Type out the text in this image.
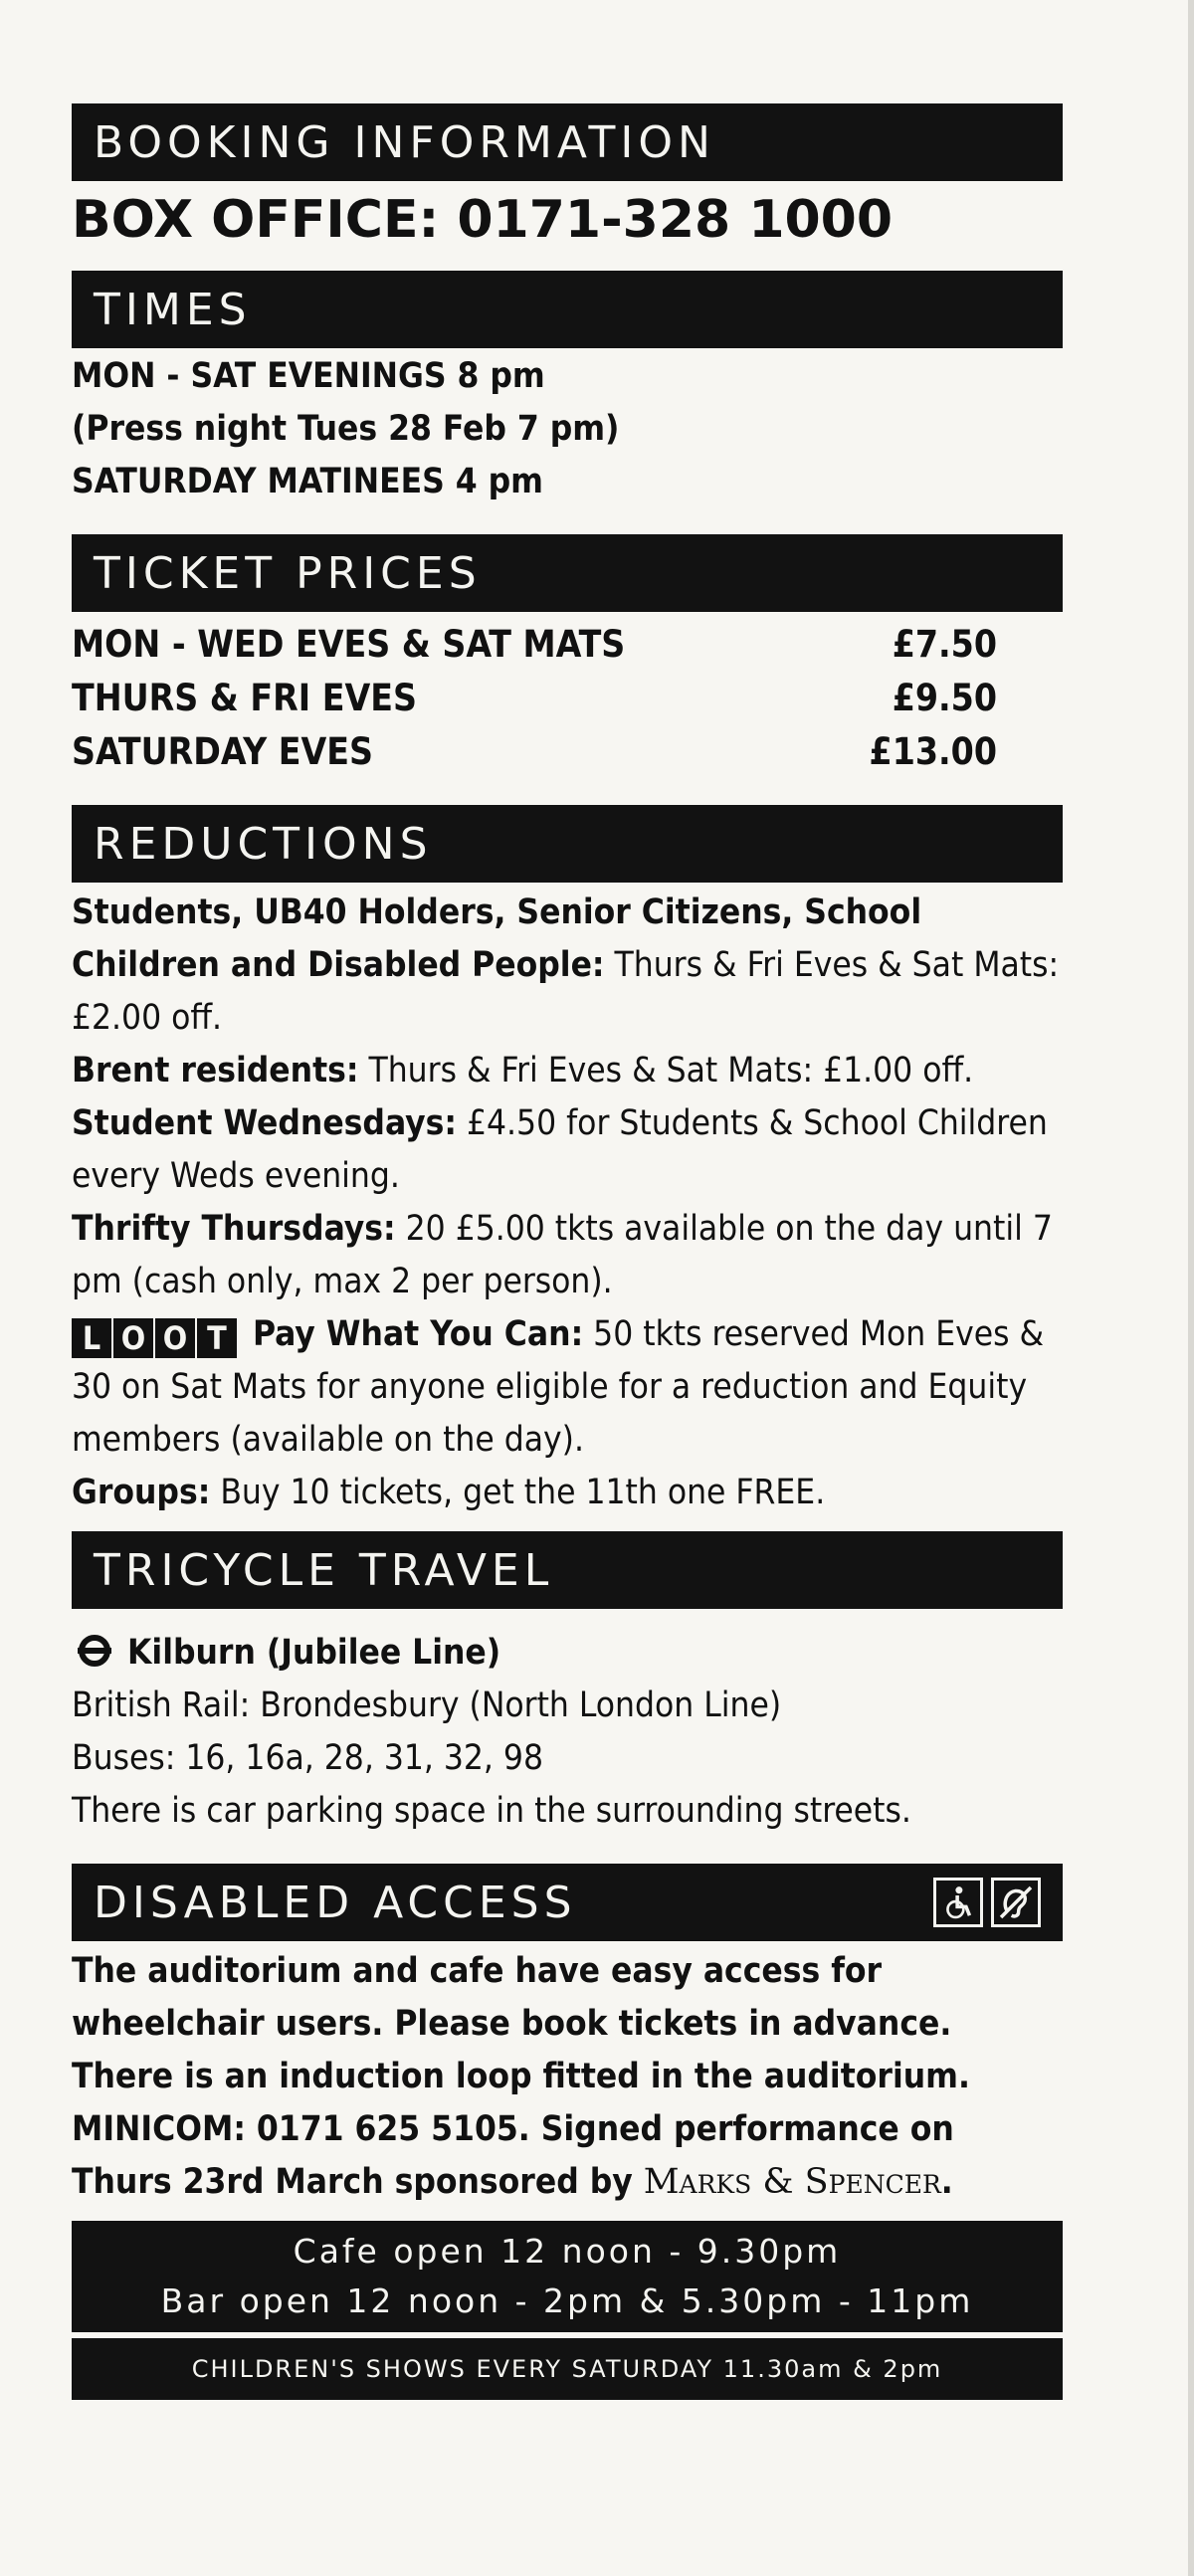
BOOKING INFORMATION

BOX OFFICE: 0171-328 1000

TIMES

MON - SAT EVENINGS 8 pm

(Press night Tues 28 Feb 7 pm)

SATURDAY MATINEES 4 pm

TICKET PRICES
MON - WED EVES & SAT MATS	£7.50
THURS & FRI EVES	£9.50
SATURDAY EVES	£13.00
REDUCTIONS

Students, UB40 Holders, Senior Citizens, School Children and Disabled People: Thurs & Fri Eves & Sat Mats: £2.00 off.

Brent residents: Thurs & Fri Eves & Sat Mats: £1.00 off.

Student Wednesdays: £4.50 for Students & School Children every Weds evening.

Thrifty Thursdays: 20 £5.00 tkts available on the day until 7 pm (cash only, max 2 per person).

L O O T Pay What You Can: 50 tkts reserved Mon Eves & 30 on Sat Mats for anyone eligible for a reduction and Equity members (available on the day).

Groups: Buy 10 tickets, get the 11th one FREE.

TRICYCLE TRAVEL

Kilburn (Jubilee Line)

British Rail: Brondesbury (North London Line)

Buses: 16, 16a, 28, 31, 32, 98

There is car parking space in the surrounding streets.

DISABLED ACCESS

The auditorium and cafe have easy access for wheelchair users. Please book tickets in advance. There is an induction loop fitted in the auditorium.

MINICOM: 0171 625 5105. Signed performance on Thurs 23rd March sponsored by Marks & Spencer.

Cafe open 12 noon - 9.30pm
Bar open 12 noon - 2pm & 5.30pm - 11pm
CHILDREN'S SHOWS EVERY SATURDAY 11.30am & 2pm
